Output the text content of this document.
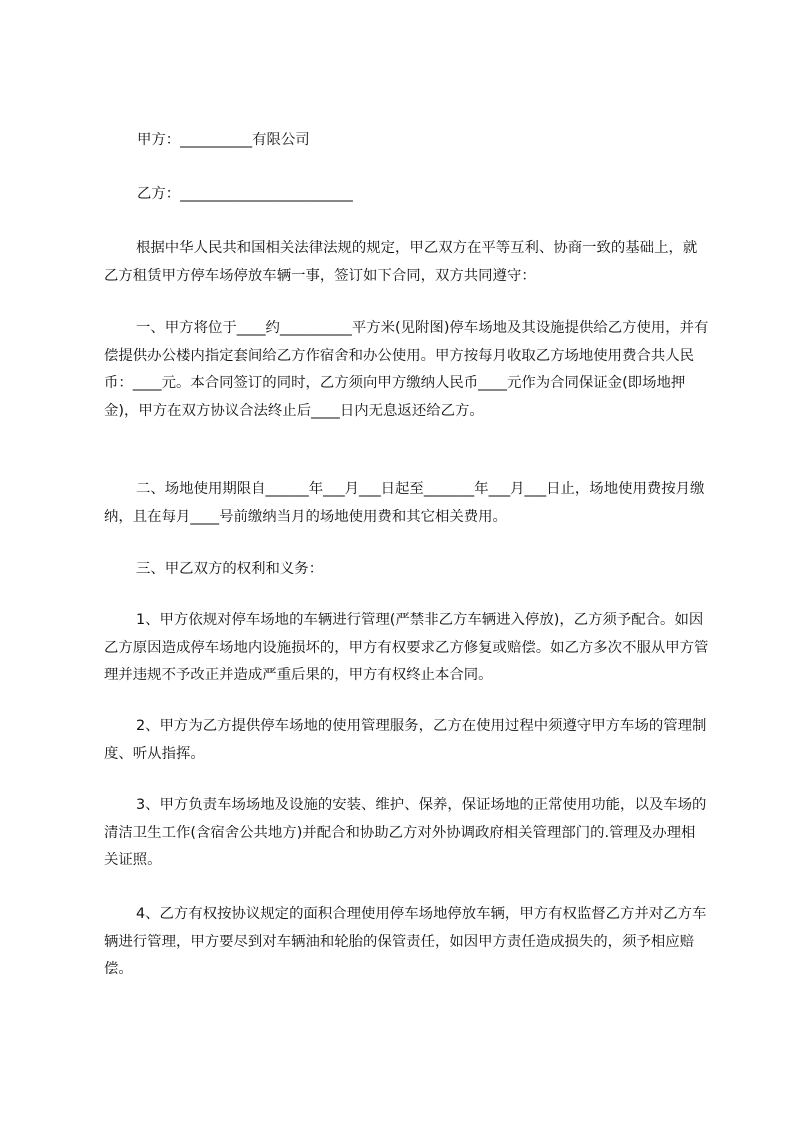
甲方：__________有限公司

乙方：________________________

根据中华人民共和国相关法律法规的规定，甲乙双方在平等互利、协商一致的基础上，就乙方租赁甲方停车场停放车辆一事，签订如下合同，双方共同遵守：

一、甲方将位于____约__________平方米(见附图)停车场地及其设施提供给乙方使用，并有偿提供办公楼内指定套间给乙方作宿舍和办公使用。甲方按每月收取乙方场地使用费合共人民币：____元。本合同签订的同时，乙方须向甲方缴纳人民币____元作为合同保证金(即场地押金)，甲方在双方协议合法终止后____日内无息返还给乙方。

二、场地使用期限自______年___月___日起至_______年___月___日止，场地使用费按月缴纳，且在每月____号前缴纳当月的场地使用费和其它相关费用。

三、甲乙双方的权利和义务：

1、甲方依规对停车场地的车辆进行管理(严禁非乙方车辆进入停放)，乙方须予配合。如因乙方原因造成停车场地内设施损坏的，甲方有权要求乙方修复或赔偿。如乙方多次不服从甲方管理并违规不予改正并造成严重后果的，甲方有权终止本合同。

2、甲方为乙方提供停车场地的使用管理服务，乙方在使用过程中须遵守甲方车场的管理制度、听从指挥。

3、甲方负责车场场地及设施的安装、维护、保养，保证场地的正常使用功能，以及车场的清洁卫生工作(含宿舍公共地方)并配合和协助乙方对外协调政府相关管理部门的.管理及办理相关证照。

4、乙方有权按协议规定的面积合理使用停车场地停放车辆，甲方有权监督乙方并对乙方车辆进行管理，甲方要尽到对车辆油和轮胎的保管责任，如因甲方责任造成损失的，须予相应赔偿。
